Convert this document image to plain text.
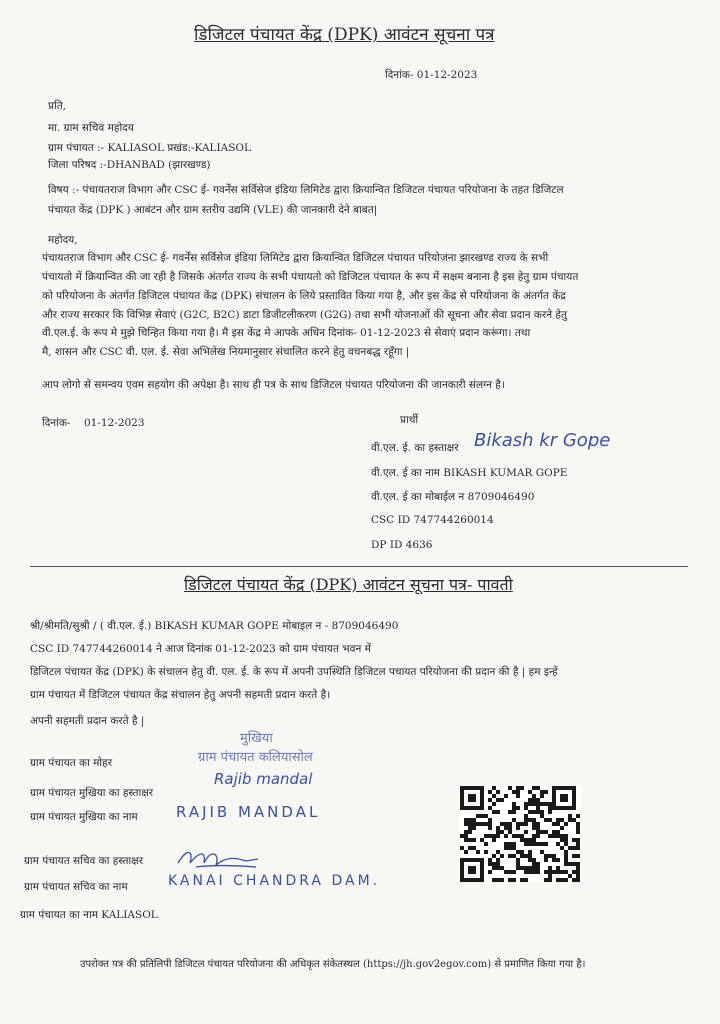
डिजिटल पंचायत केंद्र (DPK) आवंटन सूचना पत्र
दिनांक- 01-12-2023
प्रति,
मा. ग्राम सचिव महोदय
ग्राम पंचायत :- KALIASOL प्रखंड:-KALIASOL
जिला परिषद :-DHANBAD (झारखण्ड)
विषय :- पंचायतराज विभाग और CSC ई- गवर्नेंस सर्विसेज इंडिया लिमिटेड द्वारा क्रियान्वित डिजिटल पंचायत परियोजना के तहत डिजिटल
पंचायत केंद्र (DPK ) आबंटन और ग्राम स्तरीय उद्यमि (VLE) की जानकारी देने बाबत|
महोदय,
पंचायतराज विभाग और CSC ई- गवर्नेंस सर्विसेज इंडिया लिमिटेड द्वारा क्रियान्वित डिजिटल पंचायत परियोजना झारखण्ड राज्य के सभी
पंचायतो में क्रियान्वित की जा रही है जिसके अंतर्गत राज्य के सभी पंचायतो को डिजिटल पंचायत के रूप में सक्षम बनाना है इस हेतु ग्राम पंचायत
को परियोजना के अंतर्गत डिजिटल पंचायत केंद्र (DPK) संचालन के लिये प्रस्तावित किया गया है, और इस केंद्र से परियोजना के अंतर्गत केंद्र
और राज्य सरकार कि विभिन्न सेवाएं (G2C, B2C) डाटा डिजीटलीकरण (G2G) तथा सभी योजनाओं की सूचना और सेवा प्रदान करने हेतु
वी.एल.ई. के रूप मे मुझे चिन्हित किया गया है। मै इस केंद्र मे आपके अधिन दिनांक- 01-12-2023 से सेवाएं प्रदान करूंगा। तथा
मै, शासन और CSC वी. एल. ई. सेवा अभिलेख नियमानुसार संचालित करने हेतु वचनबद्ध रहूँगा |
आप लोगो से समन्वय एवम सहयोग की अपेक्षा है। साथ ही पत्र के साथ डिजिटल पंचायत परियोजना की जानकारी संलग्न है।
दिनांक- 01-12-2023	प्रार्थी
वी.एल. ई. का हस्ताक्षर Bikash kr Gope
वी.एल. ई का नाम BIKASH KUMAR GOPE
वी.एल. ई का मोबाईल न 8709046490
CSC ID 747744260014
DP ID 4636
डिजिटल पंचायत केंद्र (DPK) आवंटन सूचना पत्र- पावती
श्री/श्रीमति/सुश्री / ( वी.एल. ई.) BIKASH KUMAR GOPE मोबाइल न - 8709046490
CSC ID 747744260014 ने आज दिनांक 01-12-2023 को ग्राम पंचायत भवन में
डिजिटल पंचायत केंद्र (DPK) के संचालन हेतु वी. एल. ई. के रूप में अपनी उपस्थिति डिजिटल पचायत परियोजना की प्रदान की है | हम इन्हें
ग्राम पंचायत में डिजिटल पंचायत केंद्र संचालन हेतु अपनी सहमती प्रदान करते है।
अपनी सहमती प्रदान करते है |
मुखिया
ग्राम पंचायत कलियासोल
ग्राम पंचायत का मोहर
ग्राम पंचायत मुखिया का हस्ताक्षर
Rajib mandal
ग्राम पंचायत मुखिया का नाम	RAJIB MANDAL
ग्राम पंचायत सचिव का हस्ताक्षर
ग्राम पंचायत सचिव का नाम	KANAI CHANDRA DAM.
ग्राम पंचायत का नाम KALIASOL
उपरोक्त पत्र की प्रतिलिपी डिजिटल पंचायत परियोजना की अधिकृत संकेतस्थल (https://jh.gov2egov.com) से प्रमाणित किया गया है।
